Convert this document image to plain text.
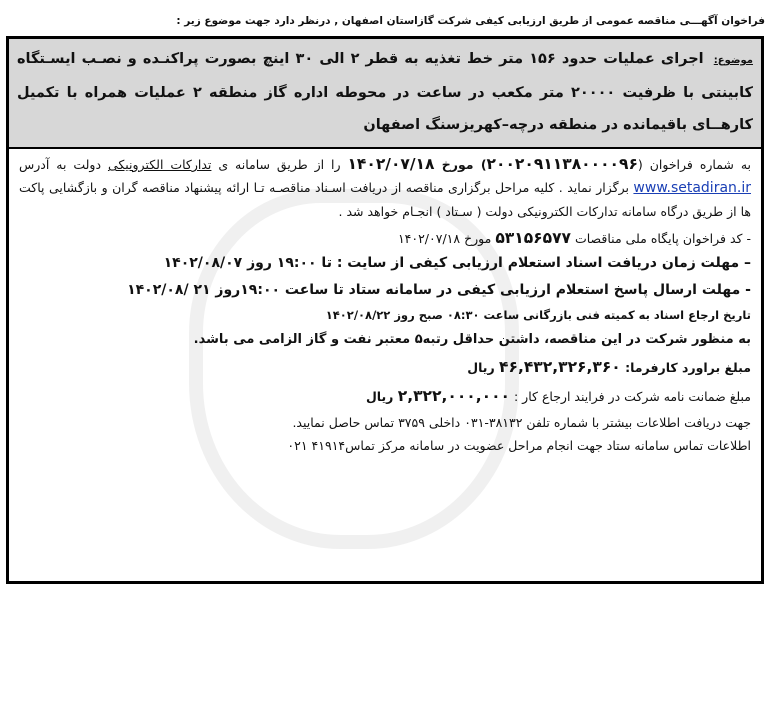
فراخوان آگهـــی مناقصه عمومی از طریق ارزیابی کیفی شرکت گازاستان اصفهان , درنظر دارد جهت موضوع زیر :
موضوع: اجرای عملیات حدود ۱۵۶ متر خط تغذیه به قطر ۲ الی ۳۰ اینچ بصورت پراکنـده و نصـب ایسـتگاه کابینتی با ظرفیت ۲۰۰۰۰ متر مکعب در ساعت در محوطه اداره گاز منطقه ۲ عملیات همراه با تکمیل کارهــای باقیمانده در منطقه درچه–کهریزسنگ اصفهان
به شماره فراخوان (۲۰۰۲۰۹۱۱۳۸۰۰۰۰۹۶) مورخ ۱۴۰۲/۰۷/۱۸ را از طریق سامانه ی تدارکات الکترونیکی دولت به آدرس www.setadiran.ir برگزار نماید . کلیه مراحل برگزاری مناقصه از دریافت اسـناد مناقصـه تـا ارائه پیشنهاد مناقصه گران و بازگشایی پاکت ها از طریق درگاه سامانه تدارکات الکترونیکی دولت ( سـتاد ) انجـام خواهد شد .
- کد فراخوان پایگاه ملی مناقصات ۵۳۱۵۶۵۷۷ مورخ ۱۴۰۲/۰۷/۱۸
– مهلت زمان دریافت اسناد استعلام ارزیابی کیفی از سایت : تا ۱۹:۰۰ روز ۱۴۰۲/۰۸/۰۷
- مهلت ارسال پاسخ استعلام ارزیابی کیفی در سامانه ستاد تا ساعت ۱۹:۰۰روز ۲۱ /۱۴۰۲/۰۸
تاریخ ارجاع اسناد به کمیته فنی بازرگانی ساعت ۰۸:۳۰ صبح روز ۱۴۰۲/۰۸/۲۲
به منظور شرکت در این مناقصه، داشتن حداقل رتبه۵ معتبر نفت و گاز الزامی می باشد.
مبلغ براورد کارفرما: ۴۶,۴۳۲,۳۲۶,۳۶۰ ریال
مبلغ ضمانت نامه شرکت در فرایند ارجاع کار : ۲,۳۲۲,۰۰۰,۰۰۰ ریال
جهت دریافت اطلاعات بیشتر با شماره تلفن ۳۸۱۳۲-۰۳۱ داخلی ۳۷۵۹ تماس حاصل نمایید.
اطلاعات تماس سامانه ستاد جهت انجام مراحل عضویت در سامانه مرکز تماس۴۱۹۱۴ ۰۲۱
